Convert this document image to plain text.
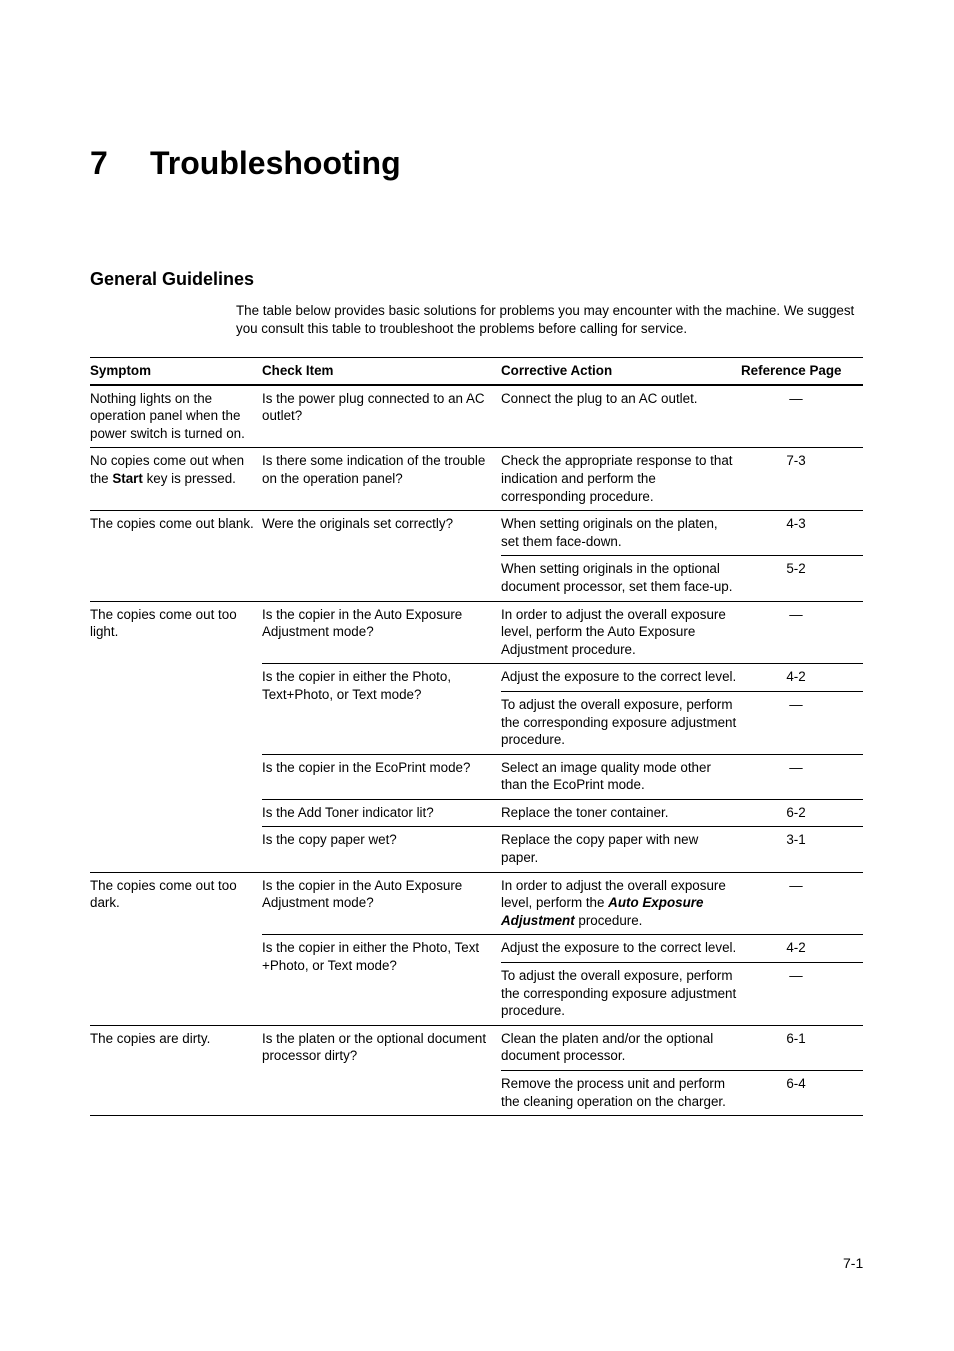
7 Troubleshooting
General Guidelines

The table below provides basic solutions for problems you may encounter with the machine. We suggest you consult this table to troubleshoot the problems before calling for service.

Symptom	Check Item	Corrective Action	Reference Page
Nothing lights on the operation panel when the power switch is turned on.	Is the power plug connected to an AC outlet?	Connect the plug to an AC outlet.	—
No copies come out when the Start key is pressed.	Is there some indication of the trouble on the operation panel?	Check the appropriate response to that indication and perform the corresponding procedure.	7-3
The copies come out blank.	Were the originals set correctly?	When setting originals on the platen, set them face-down.	4-3
		When setting originals in the optional document processor, set them face-up.	5-2
The copies come out too light.	Is the copier in the Auto Exposure Adjustment mode?	In order to adjust the overall exposure level, perform the Auto Exposure Adjustment procedure.	—
	Is the copier in either the Photo, Text+Photo, or Text mode?	Adjust the exposure to the correct level.	4-2
		To adjust the overall exposure, perform the corresponding exposure adjustment procedure.	—
	Is the copier in the EcoPrint mode?	Select an image quality mode other than the EcoPrint mode.	—
	Is the Add Toner indicator lit?	Replace the toner container.	6-2
	Is the copy paper wet?	Replace the copy paper with new paper.	3-1
The copies come out too dark.	Is the copier in the Auto Exposure Adjustment mode?	In order to adjust the overall exposure level, perform the Auto Exposure Adjustment procedure.	—
	Is the copier in either the Photo, Text +Photo, or Text mode?	Adjust the exposure to the correct level.	4-2
		To adjust the overall exposure, perform the corresponding exposure adjustment procedure.	—
The copies are dirty.	Is the platen or the optional document processor dirty?	Clean the platen and/or the optional document processor.	6-1
		Remove the process unit and perform the cleaning operation on the charger.	6-4

7-1
